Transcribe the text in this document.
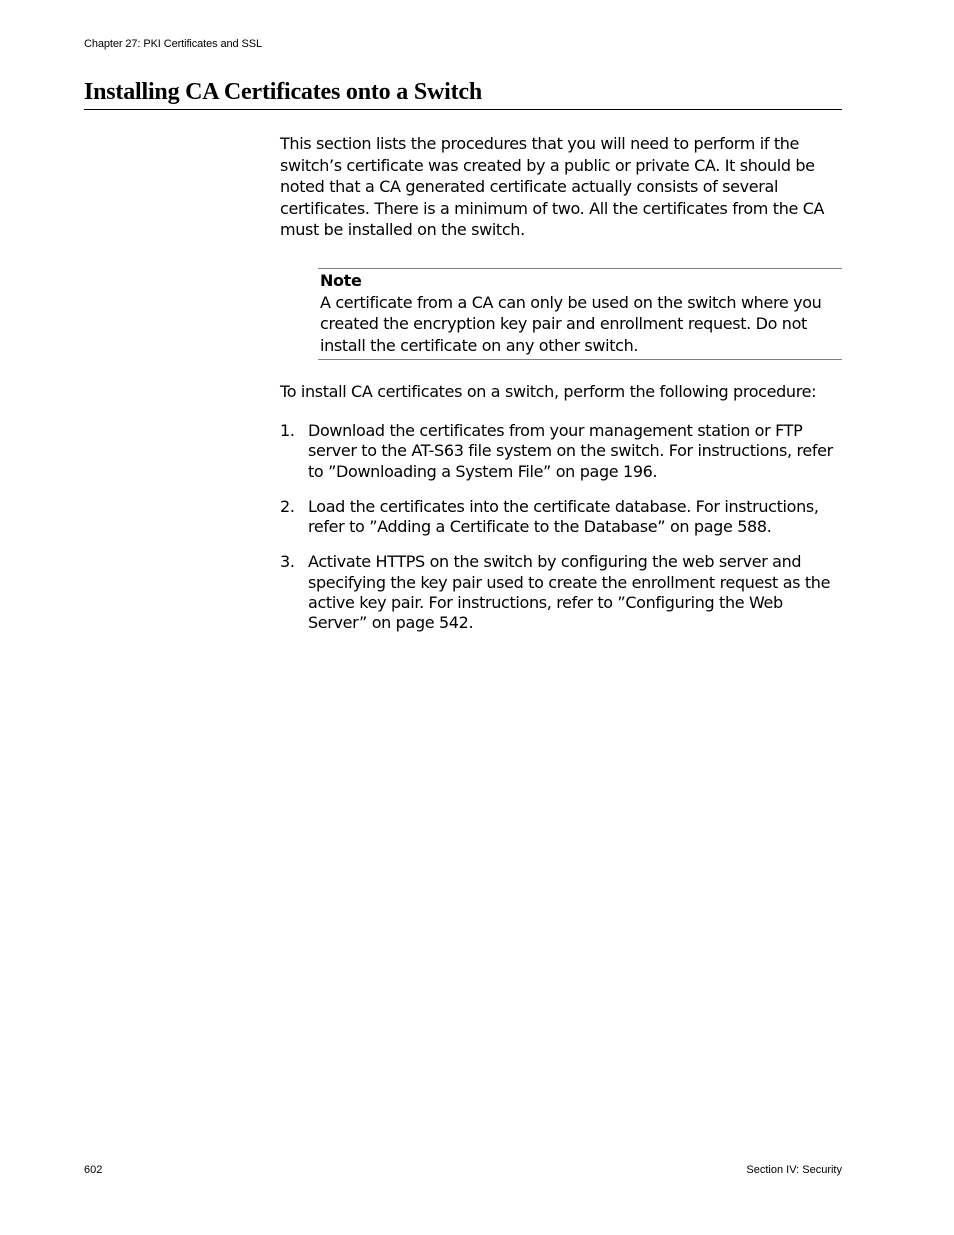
Chapter 27: PKI Certificates and SSL
Installing CA Certificates onto a Switch

This section lists the procedures that you will need to perform if the switch’s certificate was created by a public or private CA. It should be noted that a CA generated certificate actually consists of several certificates. There is a minimum of two. All the certificates from the CA must be installed on the switch.

Note
A certificate from a CA can only be used on the switch where you created the encryption key pair and enrollment request. Do not install the certificate on any other switch.

To install CA certificates on a switch, perform the following procedure:

1. Download the certificates from your management station or FTP server to the AT-S63 file system on the switch. For instructions, refer to ”Downloading a System File” on page 196.
2. Load the certificates into the certificate database. For instructions, refer to ”Adding a Certificate to the Database” on page 588.
3. Activate HTTPS on the switch by configuring the web server and specifying the key pair used to create the enrollment request as the active key pair. For instructions, refer to ”Configuring the Web Server” on page 542.
602	Section IV: Security
